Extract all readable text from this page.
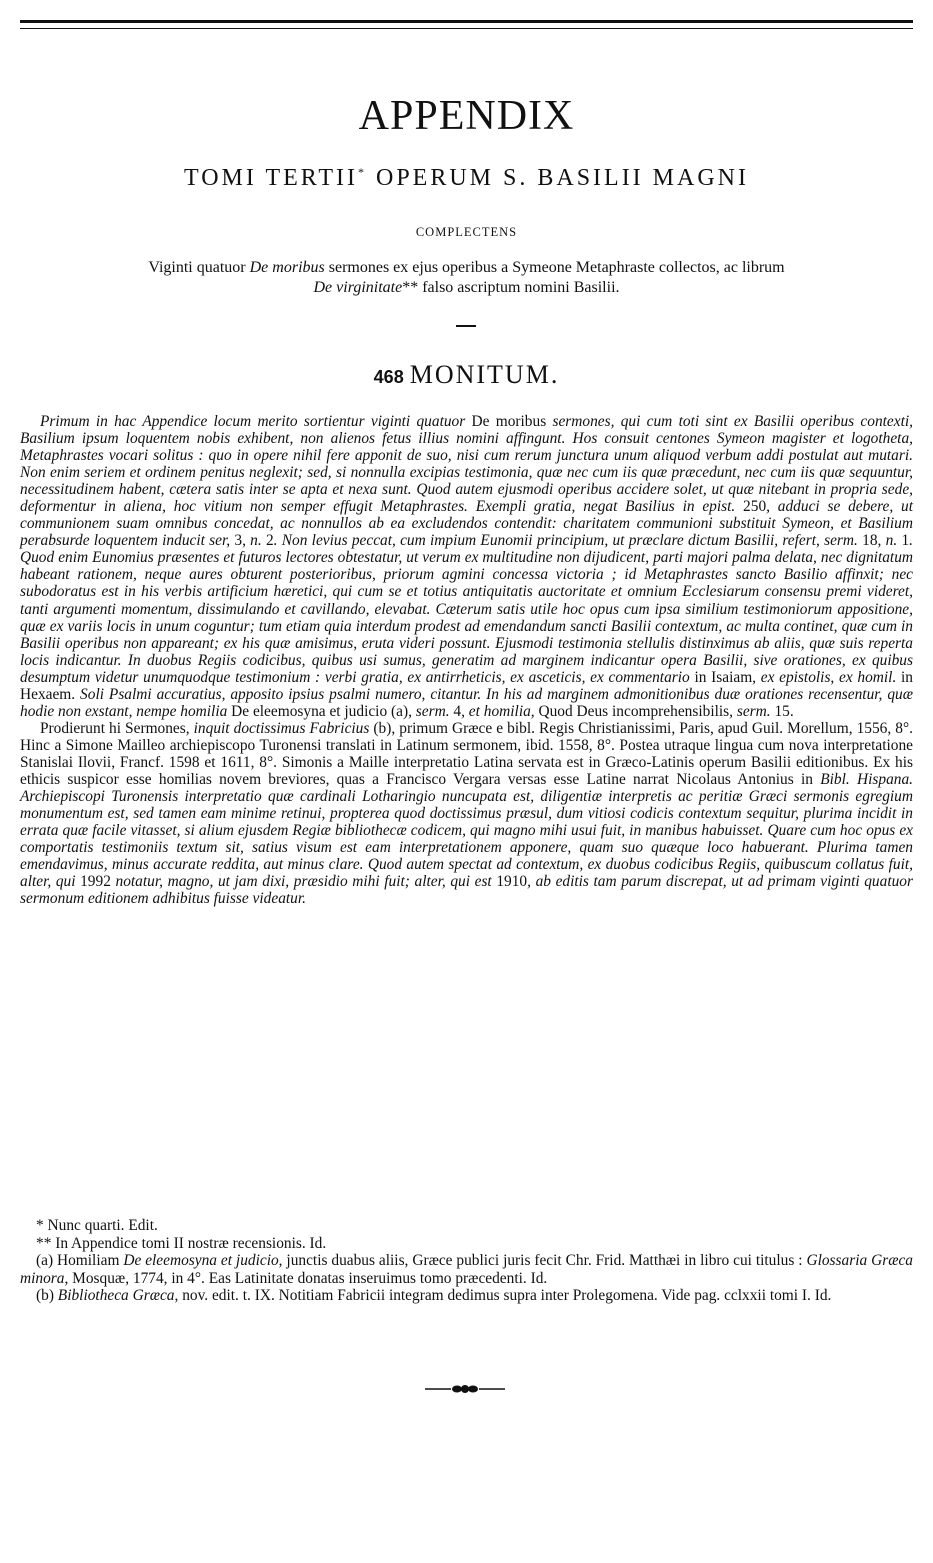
APPENDIX
TOMI TERTII* OPERUM S. BASILII MAGNI
COMPLECTENS
Viginti quatuor De moribus sermones ex ejus operibus a Symeone Metaphraste collectos, ac librum
De virginitate** falso ascriptum nomini Basilii.
468 MONITUM.

Primum in hac Appendice locum merito sortientur viginti quatuor De moribus sermones, qui cum toti sint ex Basilii operibus contexti, Basilium ipsum loquentem nobis exhibent, non alienos fetus illius nomini affingunt. Hos consuit centones Symeon magister et logotheta, Metaphrastes vocari solitus : quo in opere nihil fere apponit de suo, nisi cum rerum junctura unum aliquod verbum addi postulat aut mutari. Non enim seriem et ordinem penitus neglexit; sed, si nonnulla excipias testimonia, quæ nec cum iis quæ præcedunt, nec cum iis quæ sequuntur, necessitudinem habent, cætera satis inter se apta et nexa sunt. Quod autem ejusmodi operibus accidere solet, ut quæ nitebant in propria sede, deformentur in aliena, hoc vitium non semper effugit Metaphrastes. Exempli gratia, negat Basilius in epist. 250, adduci se debere, ut communionem suam omnibus concedat, ac nonnullos ab ea excludendos contendit: charitatem communioni substituit Symeon, et Basilium perabsurde loquentem inducit ser, 3, n. 2. Non levius peccat, cum impium Eunomii principium, ut præclare dictum Basilii, refert, serm. 18, n. 1. Quod enim Eunomius præsentes et futuros lectores obtestatur, ut verum ex multitudine non dijudicent, parti majori palma delata, nec dignitatum habeant rationem, neque aures obturent posterioribus, priorum agmini concessa victoria ; id Metaphrastes sancto Basilio affinxit; nec subodoratus est in his verbis artificium hæretici, qui cum se et totius antiquitatis auctoritate et omnium Ecclesiarum consensu premi videret, tanti argumenti momentum, dissimulando et cavillando, elevabat. Cæterum satis utile hoc opus cum ipsa similium testimoniorum appositione, quæ ex variis locis in unum coguntur; tum etiam quia interdum prodest ad emendandum sancti Basilii contextum, ac multa continet, quæ cum in Basilii operibus non appareant; ex his quæ amisimus, eruta videri possunt. Ejusmodi testimonia stellulis distinximus ab aliis, quæ suis reperta locis indicantur. In duobus Regiis codicibus, quibus usi sumus, generatim ad marginem indicantur opera Basilii, sive orationes, ex quibus desumptum videtur unumquodque testimonium : verbi gratia, ex antirrheticis, ex asceticis, ex commentario in Isaiam, ex epistolis, ex homil. in Hexaem. Soli Psalmi accuratius, apposito ipsius psalmi numero, citantur. In his ad marginem admonitionibus duæ orationes recensentur, quæ hodie non exstant, nempe homilia De eleemosyna et judicio (a), serm. 4, et homilia, Quod Deus incomprehensibilis, serm. 15.

Prodierunt hi Sermones, inquit doctissimus Fabricius (b), primum Græce e bibl. Regis Christianissimi, Paris, apud Guil. Morellum, 1556, 8°. Hinc a Simone Mailleo archiepiscopo Turonensi translati in Latinum sermonem, ibid. 1558, 8°. Postea utraque lingua cum nova interpretatione Stanislai Ilovii, Francf. 1598 et 1611, 8°. Simonis a Maille interpretatio Latina servata est in Græco-Latinis operum Basilii editionibus. Ex his ethicis suspicor esse homilias novem breviores, quas a Francisco Vergara versas esse Latine narrat Nicolaus Antonius in Bibl. Hispana. Archiepiscopi Turonensis interpretatio quæ cardinali Lotharingio nuncupata est, diligentiæ interpretis ac peritiæ Græci sermonis egregium monumentum est, sed tamen eam minime retinui, propterea quod doctissimus præsul, dum vitiosi codicis contextum sequitur, plurima incidit in errata quæ facile vitasset, si alium ejusdem Regiæ bibliothecæ codicem, qui magno mihi usui fuit, in manibus habuisset. Quare cum hoc opus ex comportatis testimoniis textum sit, satius visum est eam interpretationem apponere, quam suo quæque loco habuerant. Plurima tamen emendavimus, minus accurate reddita, aut minus clare. Quod autem spectat ad contextum, ex duobus codicibus Regiis, quibuscum collatus fuit, alter, qui 1992 notatur, magno, ut jam dixi, præsidio mihi fuit; alter, qui est 1910, ab editis tam parum discrepat, ut ad primam viginti quatuor sermonum editionem adhibitus fuisse videatur.

* Nunc quarti. Edit.

** In Appendice tomi II nostræ recensionis. Id.

(a) Homiliam De eleemosyna et judicio, junctis duabus aliis, Græce publici juris fecit Chr. Frid. Matthæi in libro cui titulus : Glossaria Græca minora, Mosquæ, 1774, in 4°. Eas Latinitate donatas inseruimus tomo præcedenti. Id.

(b) Bibliotheca Græca, nov. edit. t. IX. Notitiam Fabricii integram dedimus supra inter Prolegomena. Vide pag. cclxxii tomi I. Id.
